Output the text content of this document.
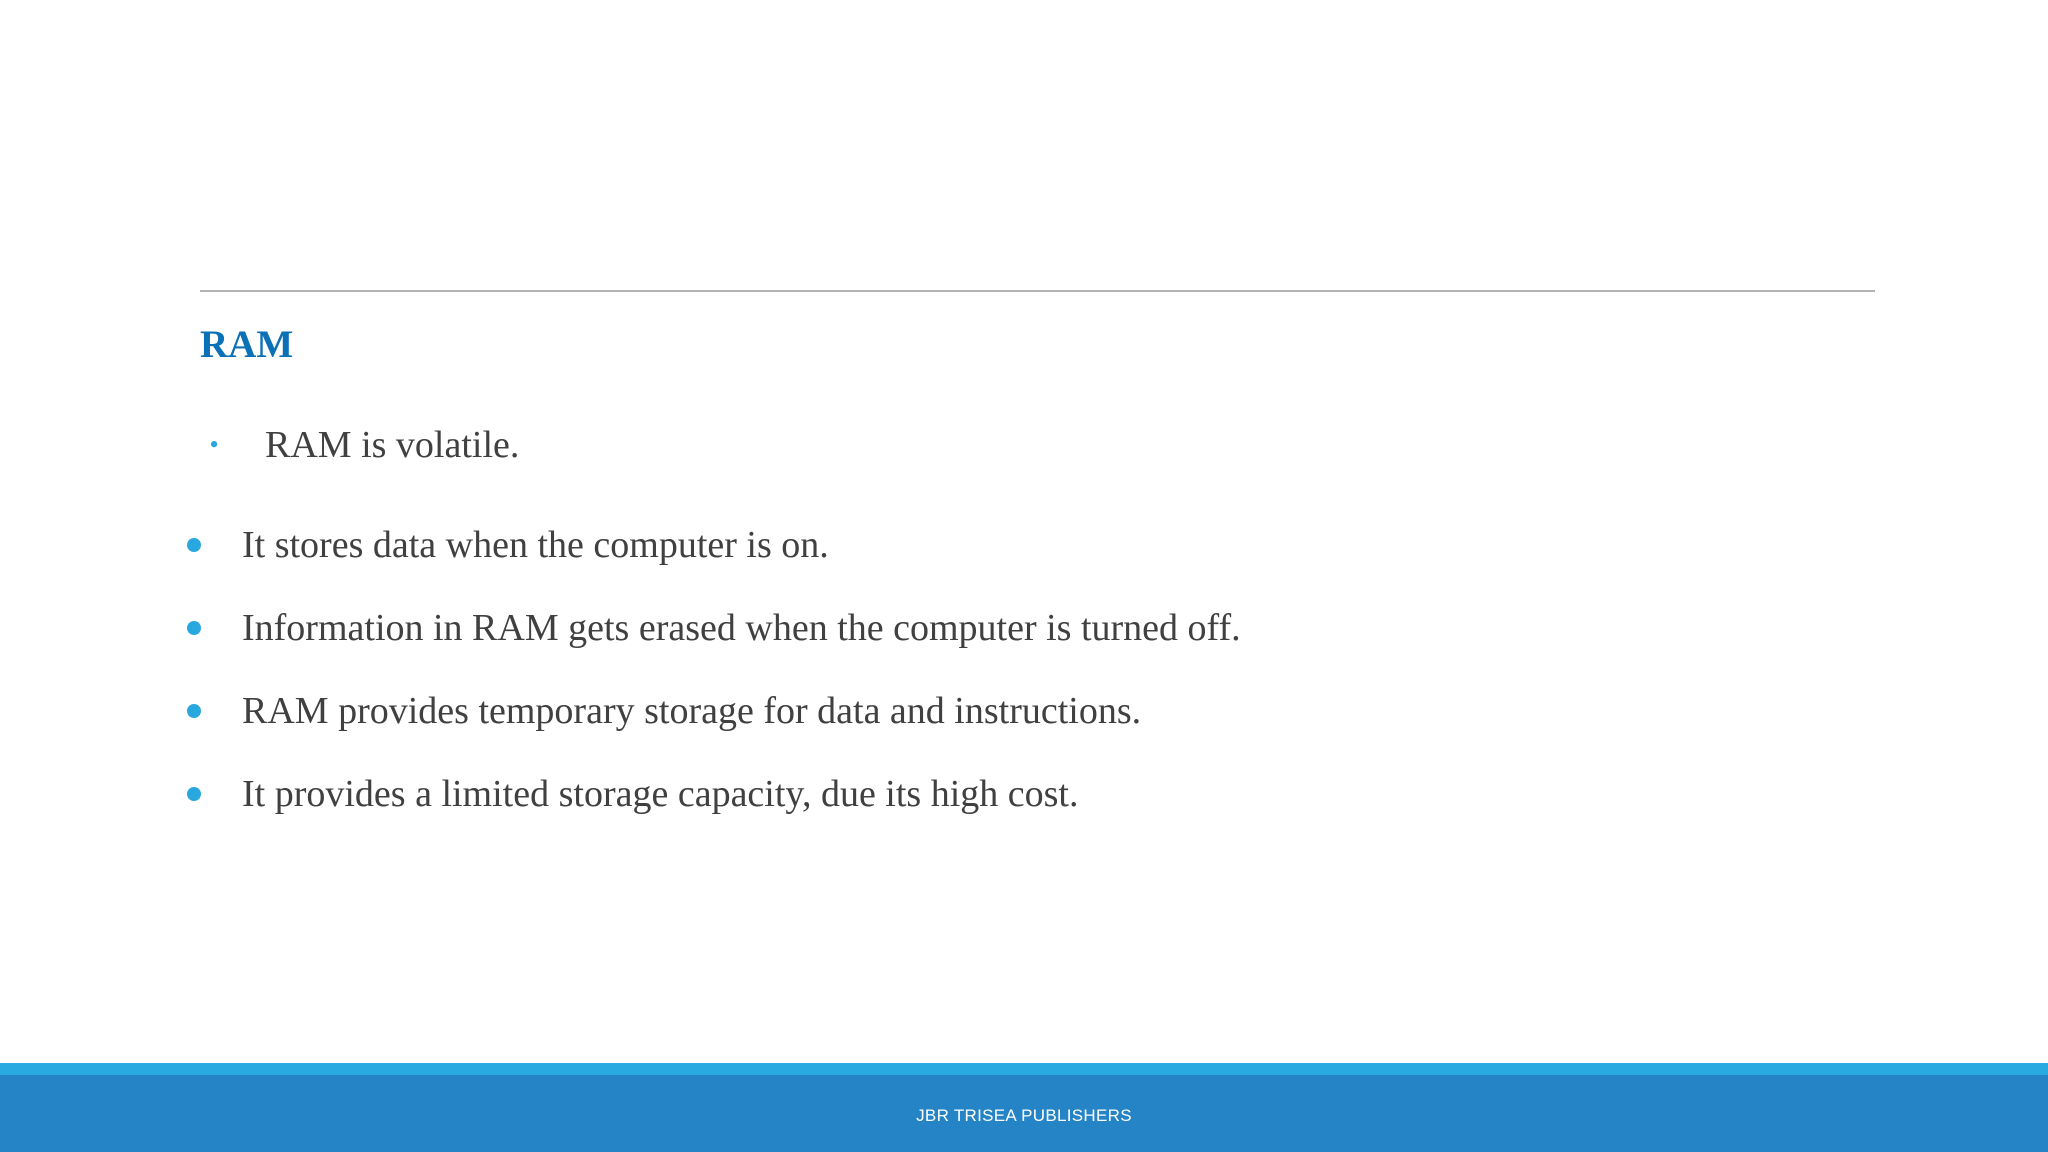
RAM
• RAM is volatile.
It stores data when the computer is on.
Information in RAM gets erased when the computer is turned off.
RAM provides temporary storage for data and instructions.
It provides a limited storage capacity, due its high cost.
JBR TRISEA PUBLISHERS
